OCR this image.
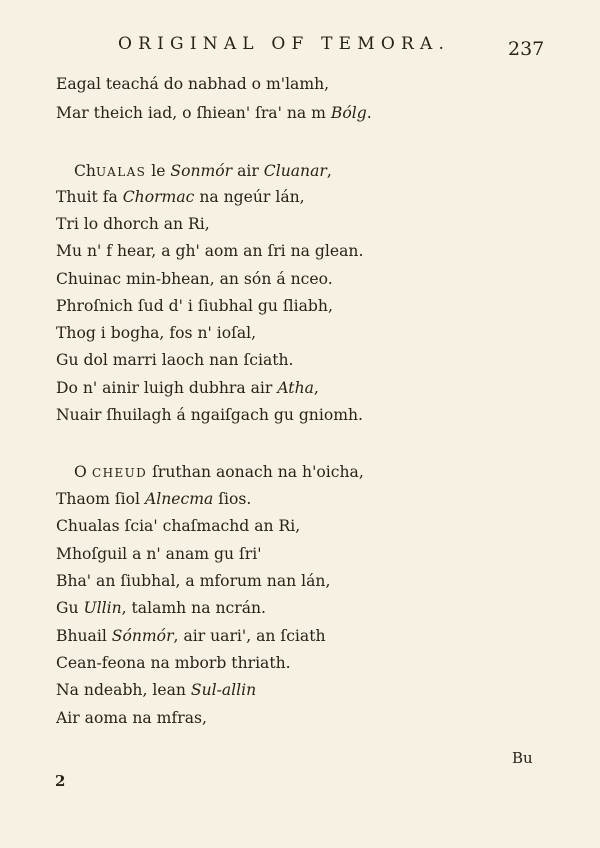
ORIGINAL OF TEMORA.	237
Eagal teachá do nabhad o m'lamh,
Mar theich iad, o ſhiean' ſra' na m Bólg.
ChUALAS le Sonmór air Cluanar,
Thuit fa Chormac na ngeúr lán,
Tri lo dhorch an Ri,
Mu n' f hear, a gh' aom an ſri na glean.
Chuinac min-bhean, an són á nceo.
Phroſnich ſud d' i ſiubhal gu ſliabh,
Thog i bogha, fos n' ioſal,
Gu dol marri laoch nan ſciath.
Do n' ainir luigh dubhra air Atha,
Nuair ſhuilagh á ngaiſgach gu gniomh.
O CHEUD ſruthan aonach na h'oicha,
Thaom ſiol Alnecma ſios.
Chualas ſcia' chaſmachd an Ri,
Mhoſguil a n' anam gu ſri'
Bha' an ſiubhal, a mforum nan lán,
Gu Ullin, talamh na ncrán.
Bhuail Sónmór, air uari', an ſciath
Cean-feona na mborb thriath.
Na ndeabh, lean Sul-allin
Air aoma na mfras,
Bu
2
